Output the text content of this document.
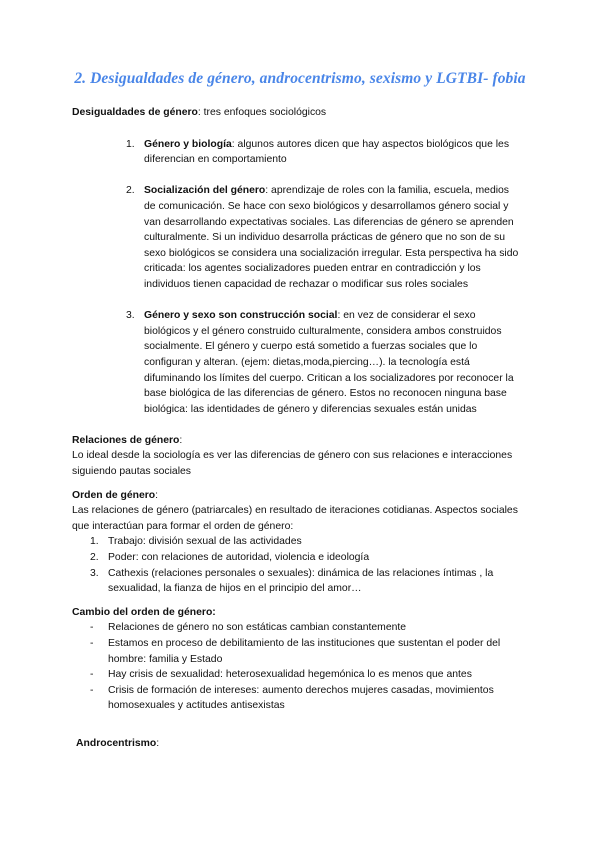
2. Desigualdades de género, androcentrismo, sexismo y LGTBI- fobia

Desigualdades de género: tres enfoques sociológicos

1. Género y biología: algunos autores dicen que hay aspectos biológicos que les diferencian en comportamiento
2. Socialización del género: aprendizaje de roles con la familia, escuela, medios de comunicación. Se hace con sexo biológicos y desarrollamos género social y van desarrollando expectativas sociales. Las diferencias de género se aprenden culturalmente. Si un individuo desarrolla prácticas de género que no son de su sexo biológicos se considera una socialización irregular. Esta perspectiva ha sido criticada: los agentes socializadores pueden entrar en contradicción y los individuos tienen capacidad de rechazar o modificar sus roles sociales
3. Género y sexo son construcción social: en vez de considerar el sexo biológicos y el género construido culturalmente, considera ambos construidos socialmente. El género y cuerpo está sometido a fuerzas sociales que lo configuran y alteran. (ejem: dietas,moda,piercing…). la tecnología está difuminando los límites del cuerpo. Critican a los socializadores por reconocer la base biológica de las diferencias de género. Estos no reconocen ninguna base biológica: las identidades de género y diferencias sexuales están unidas

Relaciones de género:

Lo ideal desde la sociología es ver las diferencias de género con sus relaciones e interacciones siguiendo pautas sociales

Orden de género:

Las relaciones de género (patriarcales) en resultado de iteraciones cotidianas. Aspectos sociales que interactúan para formar el orden de género:

1. Trabajo: división sexual de las actividades
2. Poder: con relaciones de autoridad, violencia e ideología
3. Cathexis (relaciones personales o sexuales): dinámica de las relaciones íntimas , la sexualidad, la fianza de hijos en el principio del amor…

Cambio del orden de género:

- Relaciones de género no son estáticas cambian constantemente
- Estamos en proceso de debilitamiento de las instituciones que sustentan el poder del hombre: familia y Estado
- Hay crisis de sexualidad: heterosexualidad hegemónica lo es menos que antes
- Crisis de formación de intereses: aumento derechos mujeres casadas, movimientos homosexuales y actitudes antisexistas

Androcentrismo:
